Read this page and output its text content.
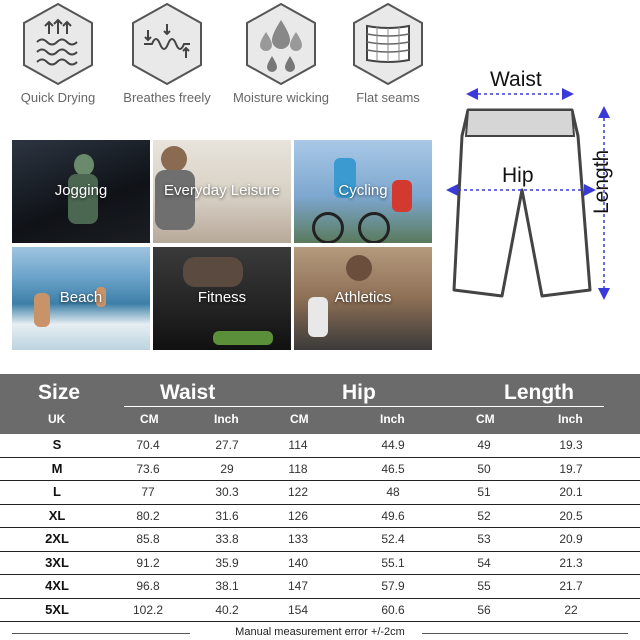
Quick Drying	Breathes freely	Moisture wicking	Flat seams
Waist
Hip	Length
Jogging	Everyday Leisure	Cycling
Beach	Fitness	Athletics
Size	Waist	Hip	Length
UK	CM	Inch	CM	Inch	CM	Inch
S	70.4	27.7	114	44.9	49	19.3
M	73.6	29	118	46.5	50	19.7
L	77	30.3	122	48	51	20.1
XL	80.2	31.6	126	49.6	52	20.5
2XL	85.8	33.8	133	52.4	53	20.9
3XL	91.2	35.9	140	55.1	54	21.3
4XL	96.8	38.1	147	57.9	55	21.7
5XL	102.2	40.2	154	60.6	56	22
Manual measurement error +/-2cm
